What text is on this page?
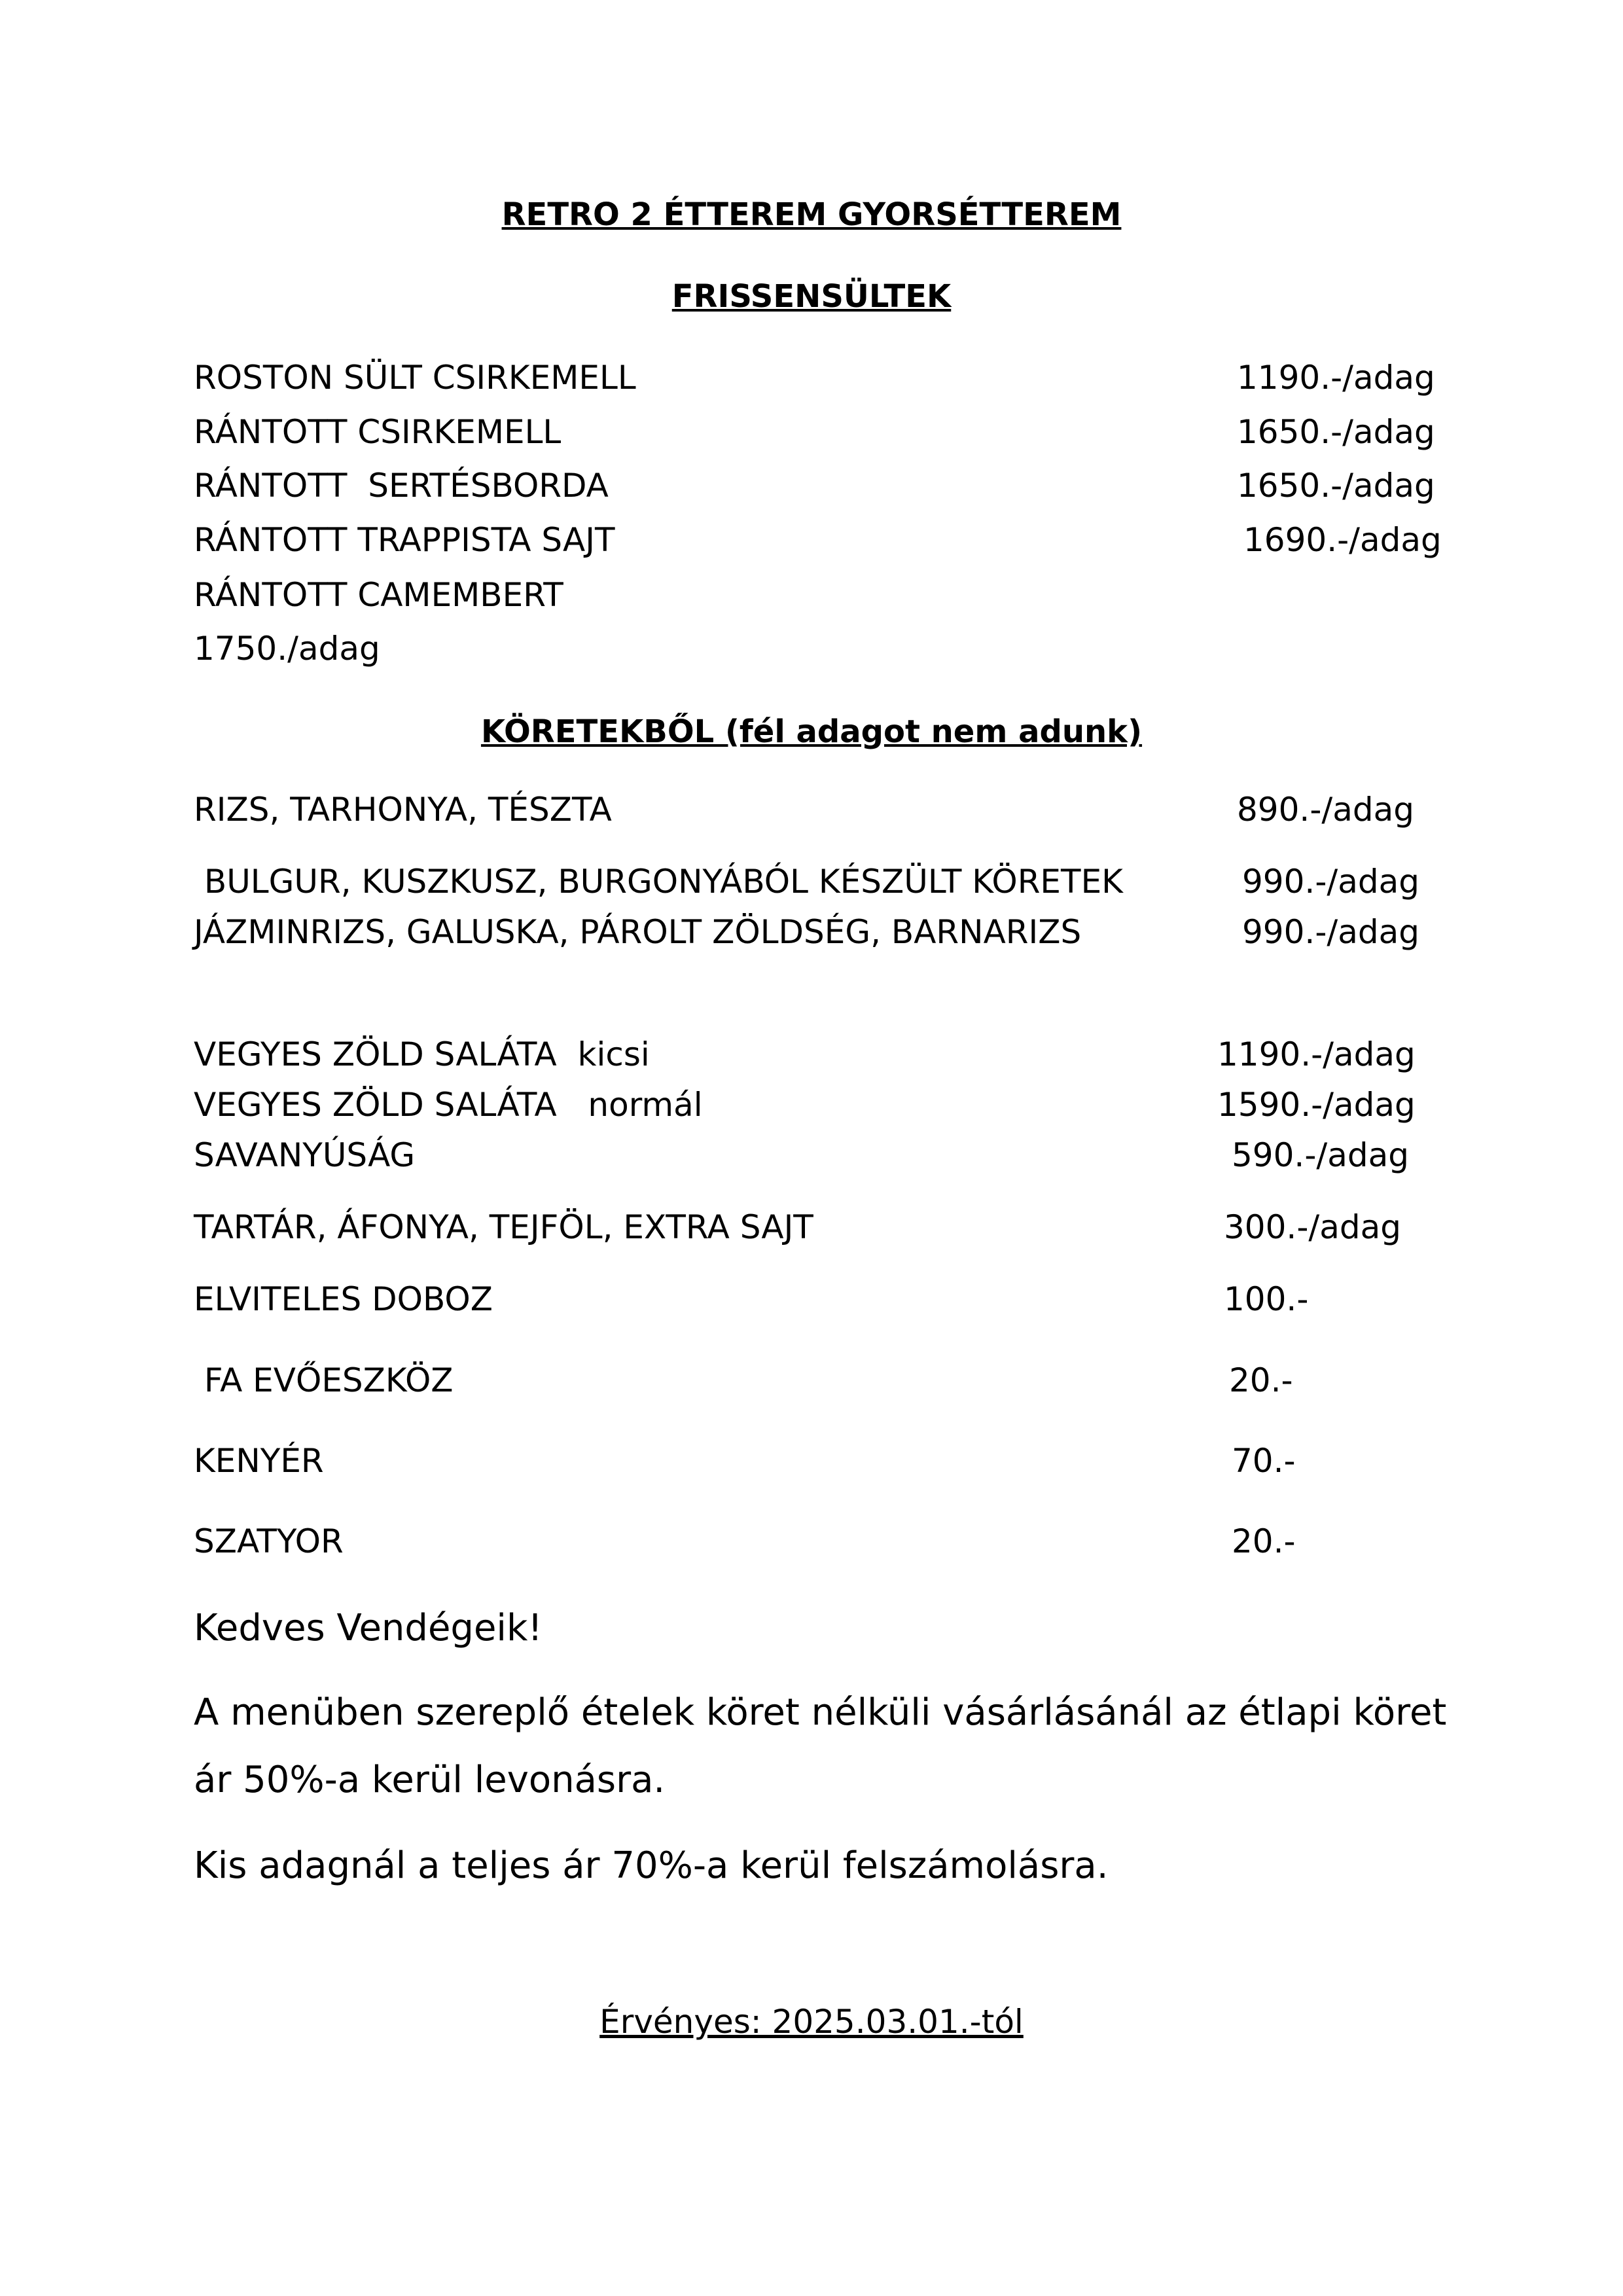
RETRO 2 ÉTTEREM GYORSÉTTEREM
FRISSENSÜLTEK
ROSTON SÜLT CSIRKEMELL	1190.-/adag
RÁNTOTT CSIRKEMELL	1650.-/adag
RÁNTOTT  SERTÉSBORDA	1650.-/adag
RÁNTOTT TRAPPISTA SAJT	1690.-/adag
RÁNTOTT CAMEMBERT
1750./adag
KÖRETEKBŐL (fél adagot nem adunk)
RIZS, TARHONYA, TÉSZTA	890.-/adag
BULGUR, KUSZKUSZ, BURGONYÁBÓL KÉSZÜLT KÖRETEK	990.-/adag
JÁZMINRIZS, GALUSKA, PÁROLT ZÖLDSÉG, BARNARIZS	990.-/adag
VEGYES ZÖLD SALÁTA  kicsi	1190.-/adag
VEGYES ZÖLD SALÁTA   normál	1590.-/adag
SAVANYÚSÁG	590.-/adag
TARTÁR, ÁFONYA, TEJFÖL, EXTRA SAJT	300.-/adag
ELVITELES DOBOZ	100.-
FA EVŐESZKÖZ	20.-
KENYÉR	70.-
SZATYOR	20.-
Kedves Vendégeik!
A menüben szereplő ételek köret nélküli vásárlásánál az étlapi köret
ár 50%-a kerül levonásra.
Kis adagnál a teljes ár 70%-a kerül felszámolásra.
Érvényes: 2025.03.01.-tól
